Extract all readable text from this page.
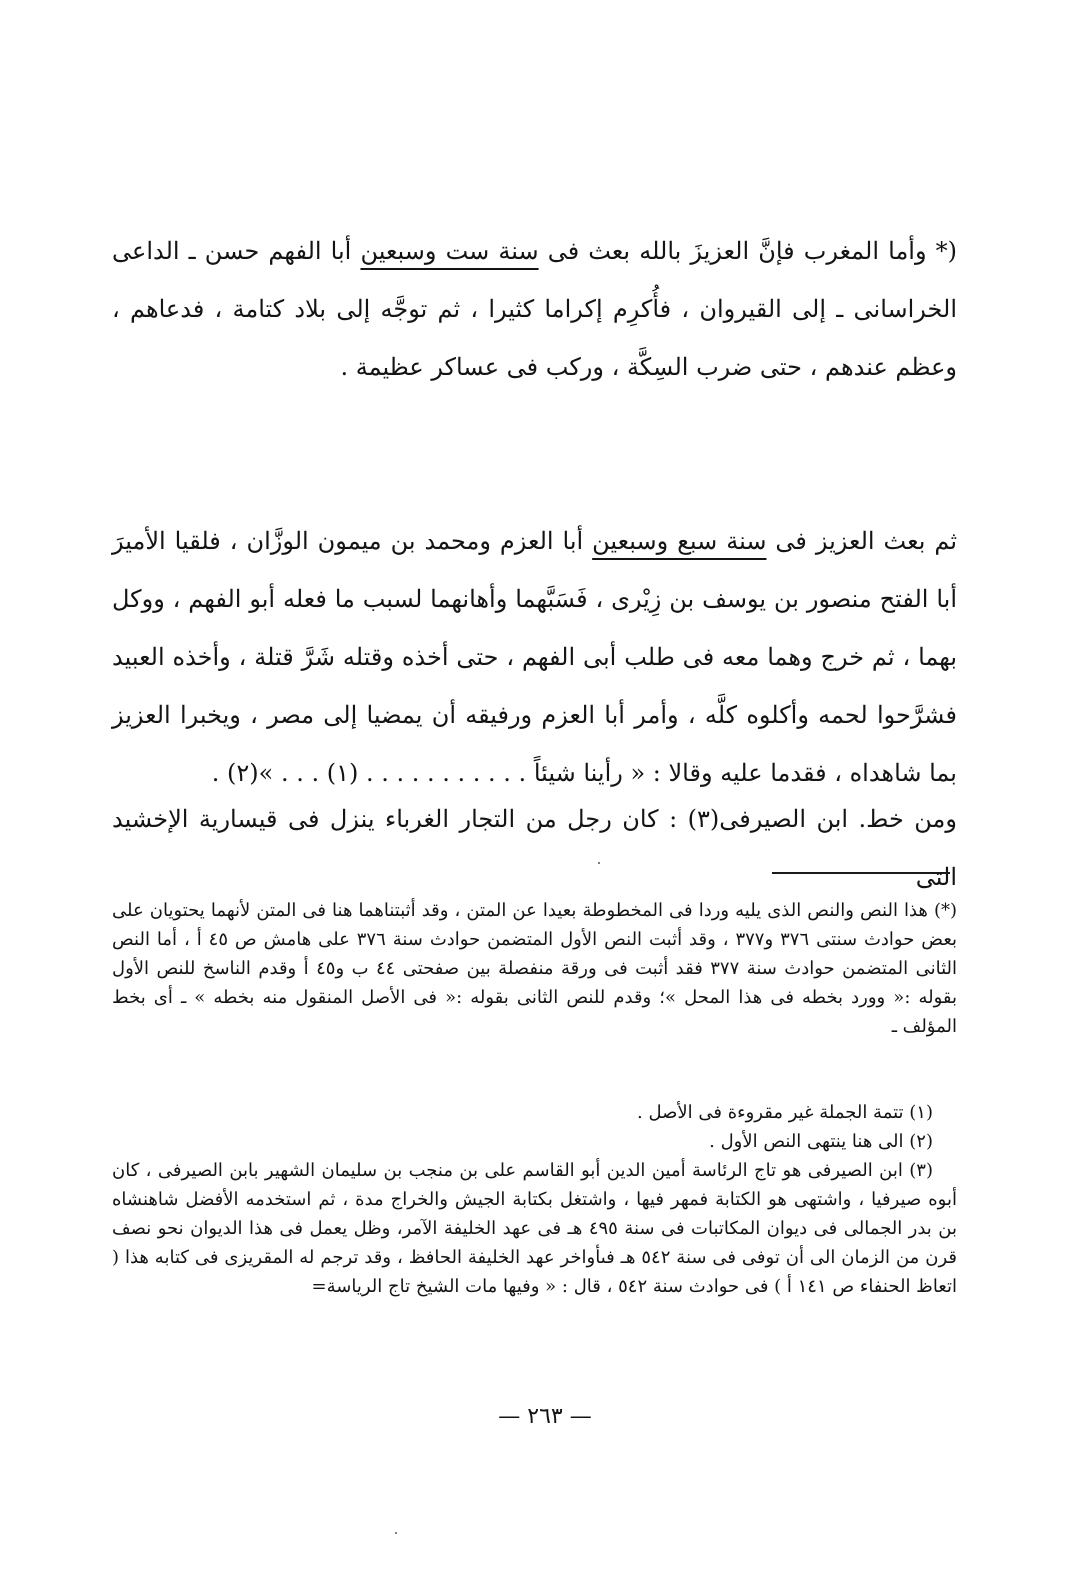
(* وأما المغرب فإنَّ العزيزَ بالله بعث فى سنة ست وسبعين أبا الفهم حسن ـ الداعى الخراسانى ـ إلى القيروان ، فأُكرِم إكراما كثيرا ، ثم توجَّه إلى بلاد كتامة ، فدعاهم ، وعظم عندهم ، حتى ضرب السِكَّة ، وركب فى عساكر عظيمة .
ثم بعث العزيز فى سنة سبع وسبعين أبا العزم ومحمد بن ميمون الوزَّان ، فلقيا الأميرَ أبا الفتح منصور بن يوسف بن زِيْرى ، فَسَبَّهما وأهانهما لسبب ما فعله أبو الفهم ، ووكل بهما ، ثم خرج وهما معه فى طلب أبى الفهم ، حتى أخذه وقتله شَرَّ قتلة ، وأخذه العبيد فشرَّحوا لحمه وأكلوه كلَّه ، وأمر أبا العزم ورفيقه أن يمضيا إلى مصر ، ويخبرا العزيز بما شاهداه ، فقدما عليه وقالا : « رأينا شيئاً . . . . . . . . . . . (١) . . . »(٢) .
ومن خط. ابن الصيرفى(٣) : كان رجل من التجار الغرباء ينزل فى قيسارية الإخشيد التى
(*) هذا النص والنص الذى يليه وردا فى المخطوطة بعيدا عن المتن ، وقد أثبتناهما هنا فى المتن لأنهما يحتويان على بعض حوادث سنتى ٣٧٦ و٣٧٧ ، وقد أثبت النص الأول المتضمن حوادث سنة ٣٧٦ على هامش ص ٤٥ أ ، أما النص الثانى المتضمن حوادث سنة ٣٧٧ فقد أثبت فى ورقة منفصلة بين صفحتى ٤٤ ب و٤٥ أ وقدم الناسخ للنص الأول بقوله :« وورد بخطه فى هذا المحل »؛ وقدم للنص الثانى بقوله :« فى الأصل المنقول منه بخطه » ـ أى بخط المؤلف ـ
(١) تتمة الجملة غير مقروءة فى الأصل .
(٢) الى هنا ينتهى النص الأول .
(٣) ابن الصيرفى هو تاج الرئاسة أمين الدين أبو القاسم على بن منجب بن سليمان الشهير بابن الصيرفى ، كان أبوه صيرفيا ، واشتهى هو الكتابة فمهر فيها ، واشتغل بكتابة الجيش والخراج مدة ، ثم استخدمه الأفضل شاهنشاه بن بدر الجمالى فى ديوان المكاتبات فى سنة ٤٩٥ هـ فى عهد الخليفة الآمر، وظل يعمل فى هذا الديوان نحو نصف قرن من الزمان الى أن توفى فى سنة ٥٤٢ هـ فىأواخر عهد الخليفة الحافظ ، وقد ترجم له المقريزى فى كتابه هذا ( اتعاظ الحنفاء ص ١٤١ أ ) فى حوادث سنة ٥٤٢ ، قال : « وفيها مات الشيخ تاج الرياسة=
— ٢٦٣ —
